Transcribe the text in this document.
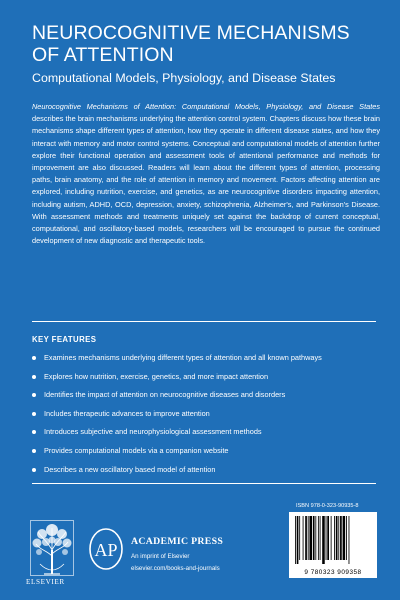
NEUROCOGNITIVE MECHANISMS
OF ATTENTION
Computational Models, Physiology, and Disease States
Neurocognitive Mechanisms of Attention: Computational Models, Physiology, and Disease States describes the brain mechanisms underlying the attention control system. Chapters discuss how these brain mechanisms shape different types of attention, how they operate in different disease states, and how they interact with memory and motor control systems. Conceptual and computational models of attention further explore their functional operation and assessment tools of attentional performance and methods for improvement are also discussed. Readers will learn about the different types of attention, processing paths, brain anatomy, and the role of attention in memory and movement. Factors affecting attention are explored, including nutrition, exercise, and genetics, as are neurocognitive disorders impacting attention, including autism, ADHD, OCD, depression, anxiety, schizophrenia, Alzheimer's, and Parkinson's Disease. With assessment methods and treatments uniquely set against the backdrop of current conceptual, computational, and oscillatory-based models, researchers will be encouraged to pursue the continued development of new diagnostic and therapeutic tools.
KEY FEATURES
Examines mechanisms underlying different types of attention and all known pathways
Explores how nutrition, exercise, genetics, and more impact attention
Identifies the impact of attention on neurocognitive diseases and disorders
Includes therapeutic advances to improve attention
Introduces subjective and neurophysiological assessment methods
Provides computational models via a companion website
Describes a new oscillatory based model of attention
ELSEVIER
AP ACADEMIC PRESS
An imprint of Elsevier
elsevier.com/books-and-journals
ISBN 978-0-323-90935-8
9 780323 909358
